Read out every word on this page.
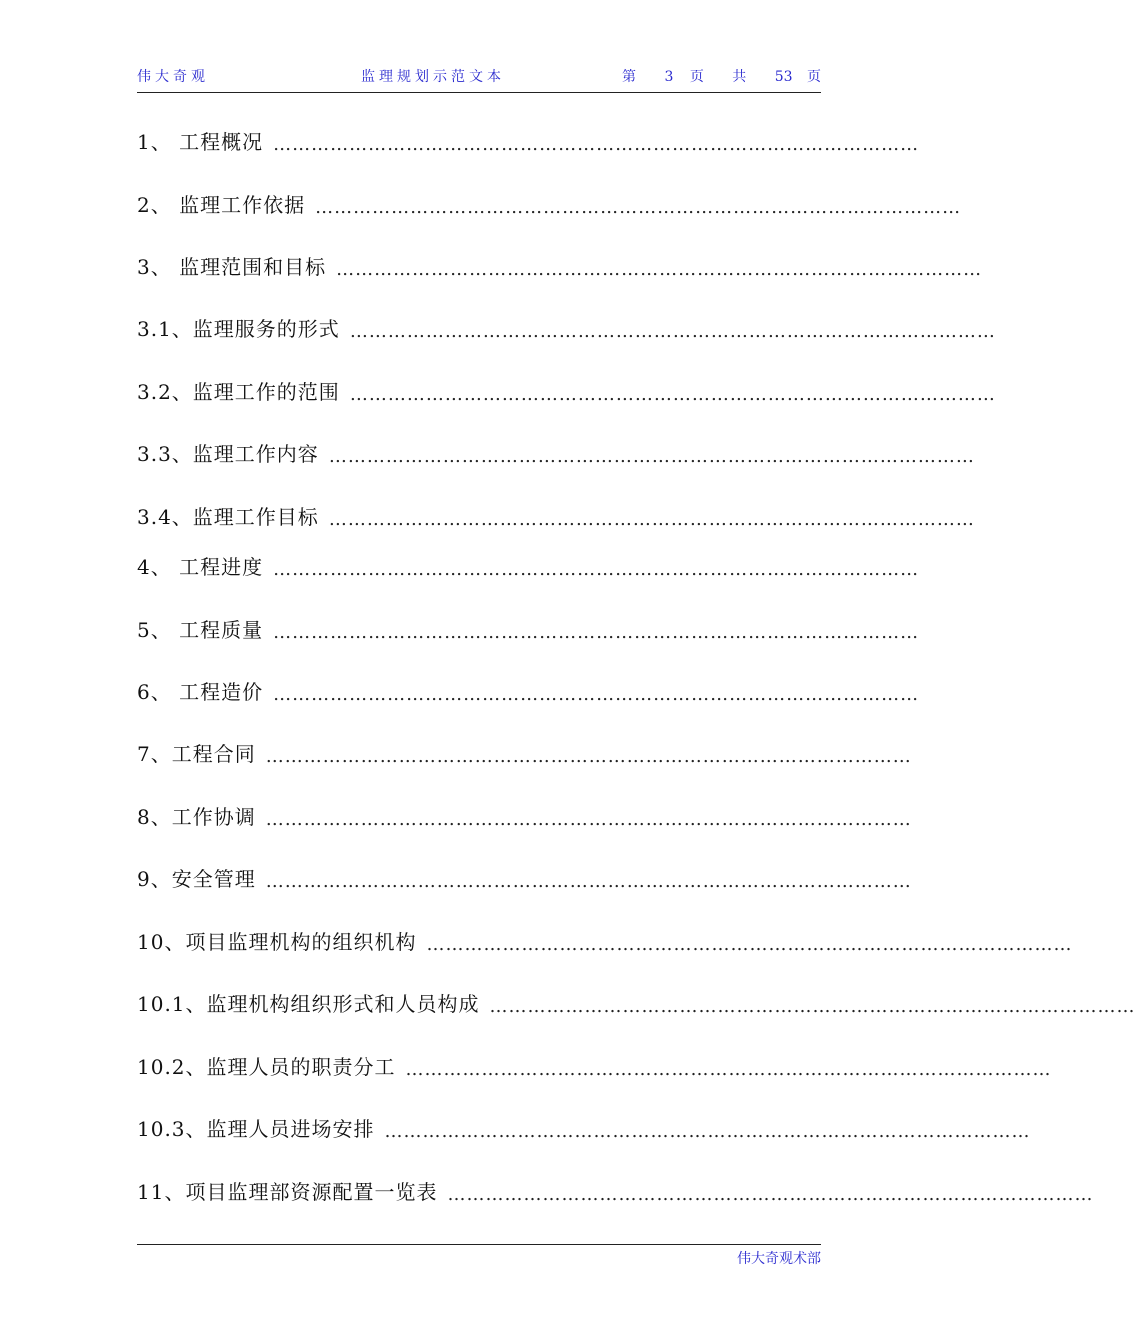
伟大奇观	监理规划示范文本	第 3 页 共 53 页
1、 工程概况 …………………………………………………………………………………………
2、 监理工作依据 …………………………………………………………………………………………
3、 监理范围和目标 …………………………………………………………………………………………
3.1、监理服务的形式 …………………………………………………………………………………………
3.2、监理工作的范围 …………………………………………………………………………………………
3.3、监理工作内容 …………………………………………………………………………………………
3.4、监理工作目标 …………………………………………………………………………………………
4、 工程进度 …………………………………………………………………………………………
5、 工程质量 …………………………………………………………………………………………
6、 工程造价 …………………………………………………………………………………………
7、工程合同 …………………………………………………………………………………………
8、工作协调 …………………………………………………………………………………………
9、安全管理 …………………………………………………………………………………………
10、项目监理机构的组织机构 …………………………………………………………………………………………
10.1、监理机构组织形式和人员构成 …………………………………………………………………………………………
10.2、监理人员的职责分工 …………………………………………………………………………………………
10.3、监理人员进场安排 …………………………………………………………………………………………
11、项目监理部资源配置一览表 …………………………………………………………………………………………
伟大奇观术部
